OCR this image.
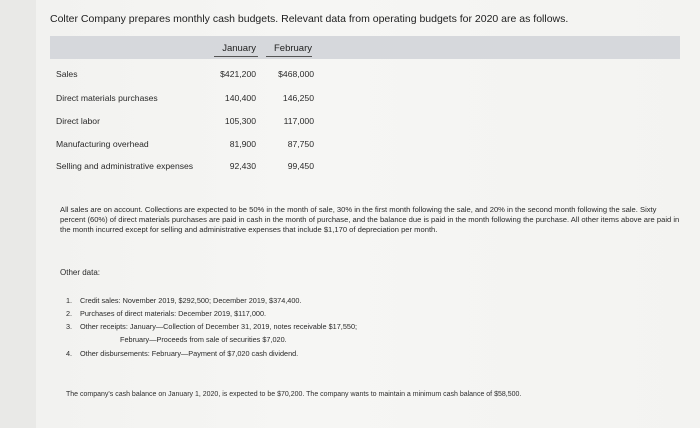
Colter Company prepares monthly cash budgets. Relevant data from operating budgets for 2020 are as follows.
January	February
Sales	$421,200	$468,000
Direct materials purchases	140,400	146,250
Direct labor	105,300	117,000
Manufacturing overhead	81,900	87,750
Selling and administrative expenses	92,430	99,450
All sales are on account. Collections are expected to be 50% in the month of sale, 30% in the first month following the sale, and 20% in the second month following the sale. Sixty percent (60%) of direct materials purchases are paid in cash in the month of purchase, and the balance due is paid in the month following the purchase. All other items above are paid in the month incurred except for selling and administrative expenses that include $1,170 of depreciation per month.
Other data:
1. Credit sales: November 2019, $292,500; December 2019, $374,400.
2. Purchases of direct materials: December 2019, $117,000.
3. Other receipts: January—Collection of December 31, 2019, notes receivable $17,550;
February—Proceeds from sale of securities $7,020.
4. Other disbursements: February—Payment of $7,020 cash dividend.
The company's cash balance on January 1, 2020, is expected to be $70,200. The company wants to maintain a minimum cash balance of $58,500.
